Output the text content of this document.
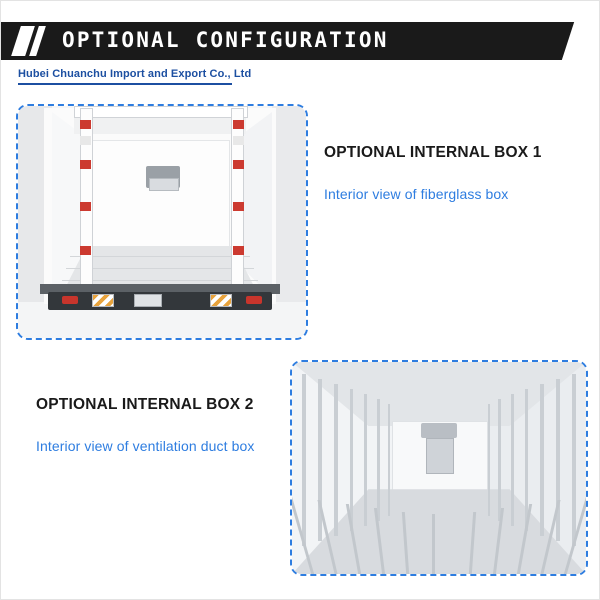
OPTIONAL CONFIGURATION
Hubei Chuanchu Import and Export Co., Ltd
OPTIONAL INTERNAL BOX 1
Interior view of fiberglass box
OPTIONAL INTERNAL BOX 2
Interior view of ventilation duct box
